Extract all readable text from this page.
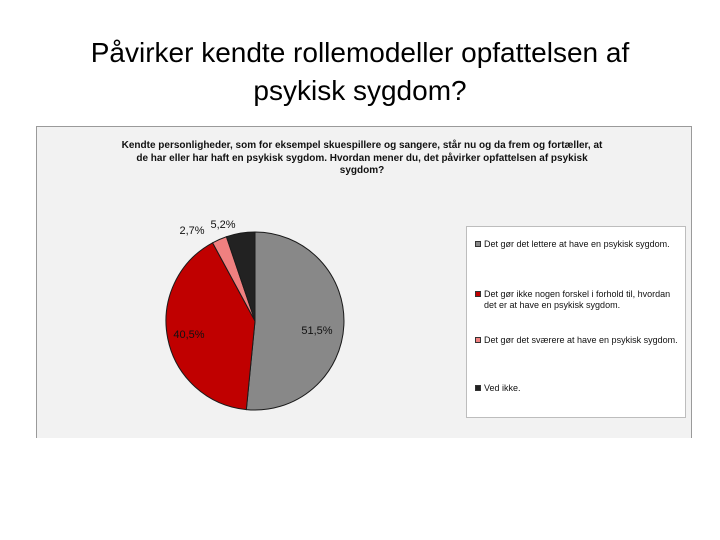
Påvirker kendte rollemodeller opfattelsen af
psykisk sygdom?
Kendte personligheder, som for eksempel skuespillere og sangere, står nu og da frem og fortæller, at
de har eller har haft en psykisk sygdom. Hvordan mener du, det påvirker opfattelsen af psykisk
sygdom?
51,5%
40,5%
2,7% 5,2%
Det gør det lettere at have en psykisk sygdom.
Det gør ikke nogen forskel i forhold til, hvordan det er at have en psykisk sygdom.
Det gør det sværere at have en psykisk sygdom.
Ved ikke.
